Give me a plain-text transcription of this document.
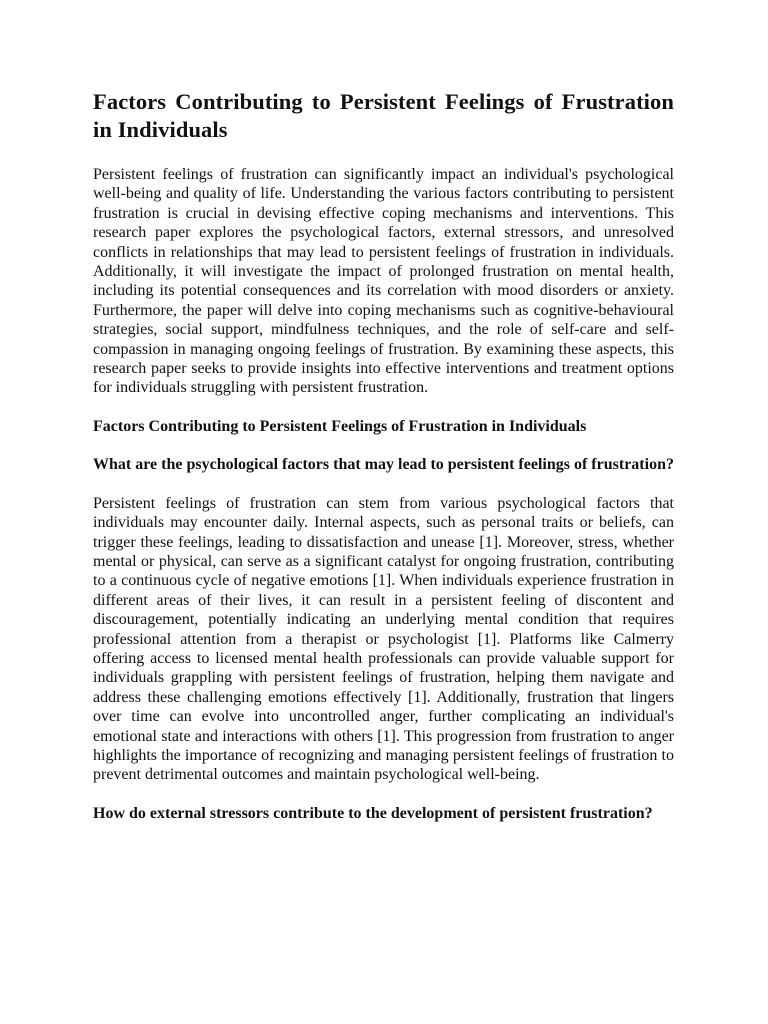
Factors Contributing to Persistent Feelings of Frustration in Individuals

Persistent feelings of frustration can significantly impact an individual's psychological well-being and quality of life. Understanding the various factors contributing to persistent frustration is crucial in devising effective coping mechanisms and interventions. This research paper explores the psychological factors, external stressors, and unresolved conflicts in relationships that may lead to persistent feelings of frustration in individuals. Additionally, it will investigate the impact of prolonged frustration on mental health, including its potential consequences and its correlation with mood disorders or anxiety. Furthermore, the paper will delve into coping mechanisms such as cognitive-behavioural strategies, social support, mindfulness techniques, and the role of self-care and self-compassion in managing ongoing feelings of frustration. By examining these aspects, this research paper seeks to provide insights into effective interventions and treatment options for individuals struggling with persistent frustration.

Factors Contributing to Persistent Feelings of Frustration in Individuals

What are the psychological factors that may lead to persistent feelings of frustration?

Persistent feelings of frustration can stem from various psychological factors that individuals may encounter daily. Internal aspects, such as personal traits or beliefs, can trigger these feelings, leading to dissatisfaction and unease [1]. Moreover, stress, whether mental or physical, can serve as a significant catalyst for ongoing frustration, contributing to a continuous cycle of negative emotions [1]. When individuals experience frustration in different areas of their lives, it can result in a persistent feeling of discontent and discouragement, potentially indicating an underlying mental condition that requires professional attention from a therapist or psychologist [1]. Platforms like Calmerry offering access to licensed mental health professionals can provide valuable support for individuals grappling with persistent feelings of frustration, helping them navigate and address these challenging emotions effectively [1]. Additionally, frustration that lingers over time can evolve into uncontrolled anger, further complicating an individual's emotional state and interactions with others [1]. This progression from frustration to anger highlights the importance of recognizing and managing persistent feelings of frustration to prevent detrimental outcomes and maintain psychological well-being.

How do external stressors contribute to the development of persistent frustration?
